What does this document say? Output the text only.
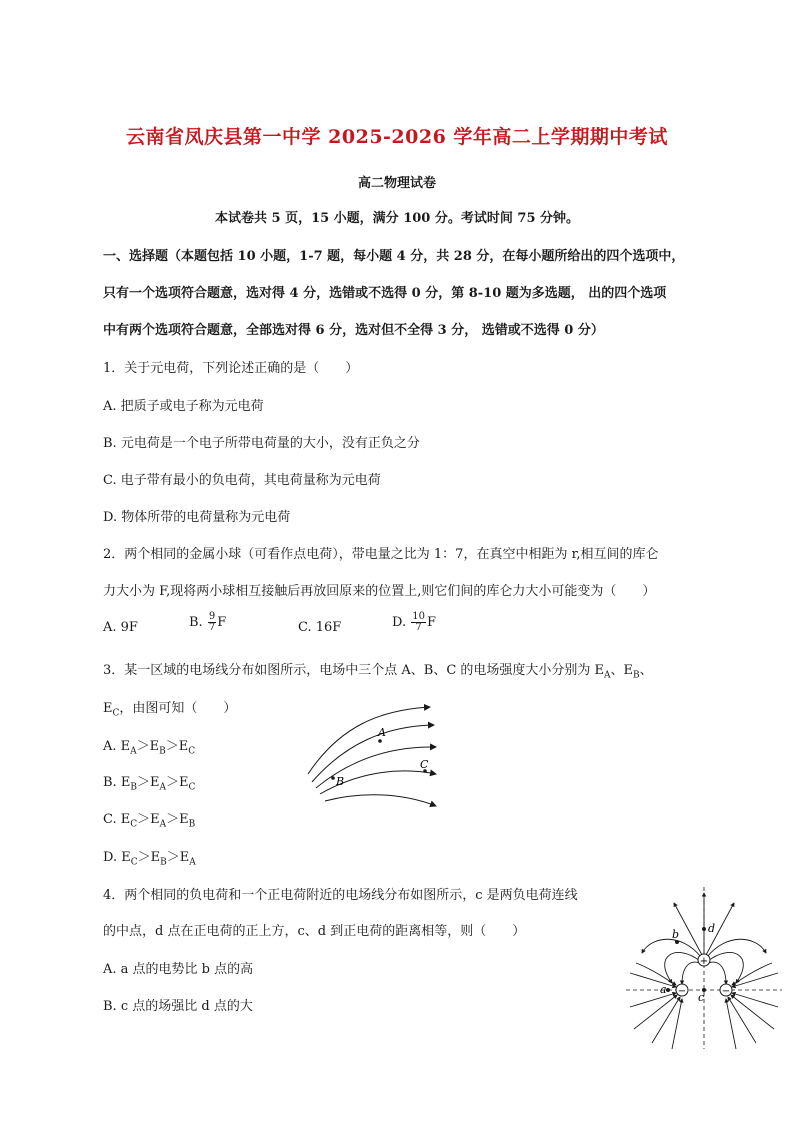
云南省凤庆县第一中学 2025-2026 学年高二上学期期中考试
高二物理试卷
本试卷共 5 页，15 小题，满分 100 分。考试时间 75 分钟。
一、选择题（本题包括 10 小题，1-7 题，每小题 4 分，共 28 分，在每小题所给出的四个选项中，
只有一个选项符合题意，选对得 4 分，选错或不选得 0 分，第 8-10 题为多选题， 出的四个选项
中有两个选项符合题意，全部选对得 6 分，选对但不全得 3 分， 选错或不选得 0 分）
1．关于元电荷，下列论述正确的是（　　）
A. 把质子或电子称为元电荷
B. 元电荷是一个电子所带电荷量的大小，没有正负之分
C. 电子带有最小的负电荷，其电荷量称为元电荷
D. 物体所带的电荷量称为元电荷
2．两个相同的金属小球（可看作点电荷），带电量之比为 1：7，在真空中相距为 r,相互间的库仑
力大小为 F,现将两小球相互接触后再放回原来的位置上,则它们间的库仑力大小可能变为（　　）
A. 9F	B. $\frac{9}{7}$ F	C. 16F	D. $\frac{10}{7}$ F
3．某一区域的电场线分布如图所示，电场中三个点 A、B、C 的电场强度大小分别为 $E_A$、$E_B$、
$E_C$，由图可知（　　）
A. $E_A>E_B>E_C$
B. $E_B>E_A>E_C$
C. $E_C>E_A>E_B$
D. $E_C>E_B>E_A$
A
B
C
4．两个相同的负电荷和一个正电荷附近的电场线分布如图所示，c 是两负电荷连线
的中点，d 点在正电荷的正上方，c、d 到正电荷的距离相等，则（　　）
A. a 点的电势比 b 点的高
B. c 点的场强比 d 点的大
+
−	−
b	d
c
a
